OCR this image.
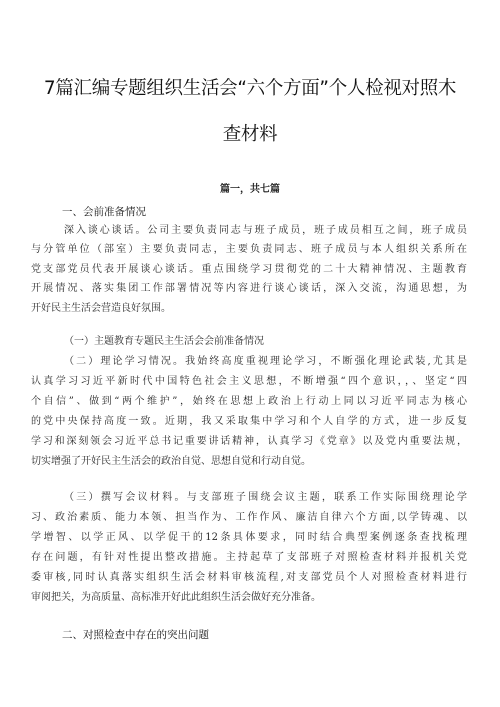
7篇汇编专题组织生活会“六个方面”个人检视对照木
查材料
篇一，共七篇
一、会前准备情况
深入谈心谈话。公司主要负责同志与班子成员，班子成员相互之间，班子成员
与分管单位（部室）主要负责同志，主要负责同志、班子成员与本人组织关系所在
党支部党员代表开展谈心谈话。重点围绕学习贯彻党的二十大精神情况、主题教育
开展情况、落实集团工作部署情况等内容进行谈心谈话，深入交流，沟通思想，为
开好民主生活会营造良好氛围。
（一）主题教育专题民主生活会会前准备情况
（二）理论学习情况。我始终高度重视理论学习，不断强化理论武装,尤其是
认真学习习近平新时代中国特色社会主义思想，不断增强“四个意识，，、坚定“四
个自信”、做到“两个维护”，始终在思想上政治上行动上同以习近平同志为核心
的党中央保持高度一致。近期，我又采取集中学习和个人自学的方式，进一步反复
学习和深刻领会习近平总书记重要讲话精神，认真学习《党章》以及党内重要法规，
切实增强了开好民主生活会的政治自觉、思想自觉和行动自觉。
（三）撰写会议材料。与支部班子围绕会议主题，联系工作实际围绕理论学
习、政治素质、能力本领、担当作为、工作作风、廉洁自律六个方面,以学铸魂、以
学增智、以学正风、以学促干的12条具体要求，同时结合典型案例逐条查找梳理
存在问题，有针对性提出整改措施。主持起草了支部班子对照检查材料并报机关党
委审核,同时认真落实组织生活会材料审核流程,对支部党员个人对照检查材料进行
审阅把关，为高质量、高标准开好此此组织生活会做好充分准备。
二、对照检查中存在的突出问题
